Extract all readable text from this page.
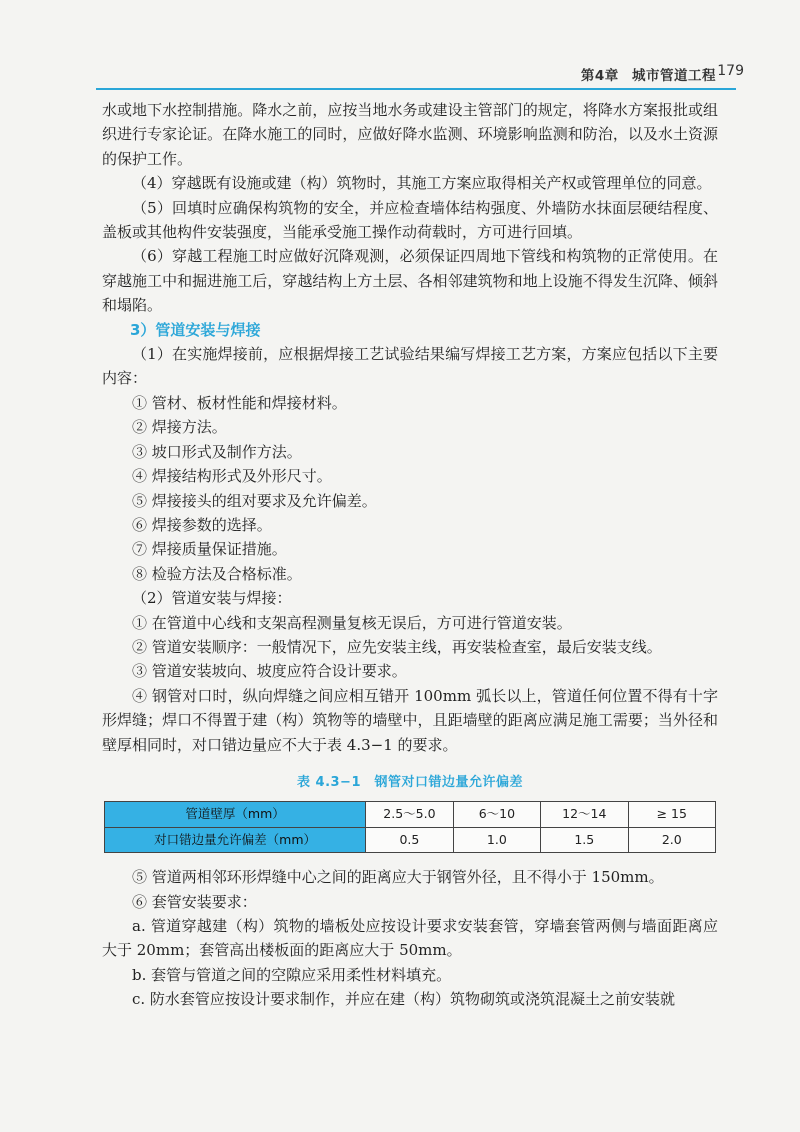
第4章 城市管道工程 179

水或地下水控制措施。降水之前，应按当地水务或建设主管部门的规定，将降水方案报批或组织进行专家论证。在降水施工的同时，应做好降水监测、环境影响监测和防治，以及水土资源的保护工作。

（4）穿越既有设施或建（构）筑物时，其施工方案应取得相关产权或管理单位的同意。

（5）回填时应确保构筑物的安全，并应检查墙体结构强度、外墙防水抹面层硬结程度、盖板或其他构件安装强度，当能承受施工操作动荷载时，方可进行回填。

（6）穿越工程施工时应做好沉降观测，必须保证四周地下管线和构筑物的正常使用。在穿越施工中和掘进施工后，穿越结构上方土层、各相邻建筑物和地上设施不得发生沉降、倾斜和塌陷。

3）管道安装与焊接

（1）在实施焊接前，应根据焊接工艺试验结果编写焊接工艺方案，方案应包括以下主要内容：

① 管材、板材性能和焊接材料。

② 焊接方法。

③ 坡口形式及制作方法。

④ 焊接结构形式及外形尺寸。

⑤ 焊接接头的组对要求及允许偏差。

⑥ 焊接参数的选择。

⑦ 焊接质量保证措施。

⑧ 检验方法及合格标准。

（2）管道安装与焊接：

① 在管道中心线和支架高程测量复核无误后，方可进行管道安装。

② 管道安装顺序：一般情况下，应先安装主线，再安装检查室，最后安装支线。

③ 管道安装坡向、坡度应符合设计要求。

④ 钢管对口时，纵向焊缝之间应相互错开 100mm 弧长以上，管道任何位置不得有十字形焊缝；焊口不得置于建（构）筑物等的墙壁中，且距墙壁的距离应满足施工需要；当外径和壁厚相同时，对口错边量应不大于表 4.3−1 的要求。

表 4.3−1　钢管对口错边量允许偏差
管道壁厚（mm）	2.5～5.0	6～10	12～14	≥ 15
对口错边量允许偏差（mm）	0.5	1.0	1.5	2.0

⑤ 管道两相邻环形焊缝中心之间的距离应大于钢管外径，且不得小于 150mm。

⑥ 套管安装要求：

a. 管道穿越建（构）筑物的墙板处应按设计要求安装套管，穿墙套管两侧与墙面距离应大于 20mm；套管高出楼板面的距离应大于 50mm。

b. 套管与管道之间的空隙应采用柔性材料填充。

c. 防水套管应按设计要求制作，并应在建（构）筑物砌筑或浇筑混凝土之前安装就
